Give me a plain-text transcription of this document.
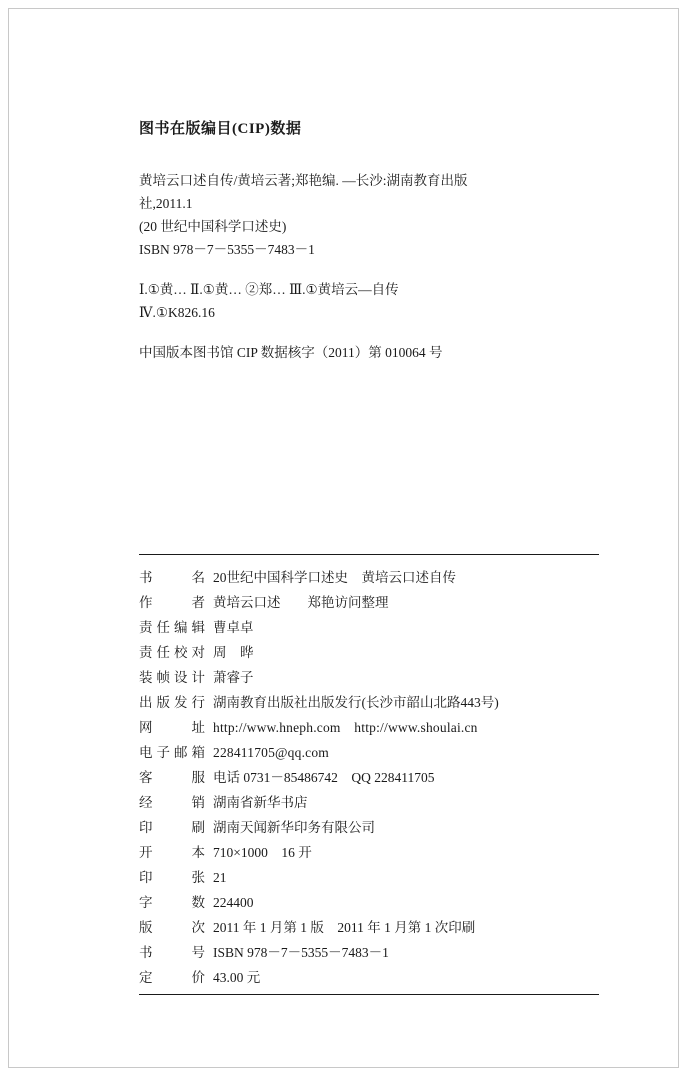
图书在版编目(CIP)数据
黄培云口述自传/黄培云著;郑艳编. —长沙:湖南教育出版
社,2011.1
(20 世纪中国科学口述史)
ISBN 978－7－5355－7483－1
Ⅰ.①黄… Ⅱ.①黄… ②郑… Ⅲ.①黄培云—自传
Ⅳ.①K826.16
中国版本图书馆 CIP 数据核字（2011）第 010064 号
书　名	20世纪中国科学口述史　黄培云口述自传
作　者	黄培云口述　　郑艳访问整理
责任编辑	曹卓卓
责任校对	周　晔
装帧设计	萧睿子
出版发行	湖南教育出版社出版发行(长沙市韶山北路443号)
网　址	http://www.hneph.com　http://www.shoulai.cn
电子邮箱	228411705@qq.com
客　服	电话 0731－85486742　QQ 228411705
经　销	湖南省新华书店
印　刷	湖南天闻新华印务有限公司
开　本	710×1000　16 开
印　张	21
字　数	224400
版　次	2011 年 1 月第 1 版　2011 年 1 月第 1 次印刷
书　号	ISBN 978－7－5355－7483－1
定　价	43.00 元
